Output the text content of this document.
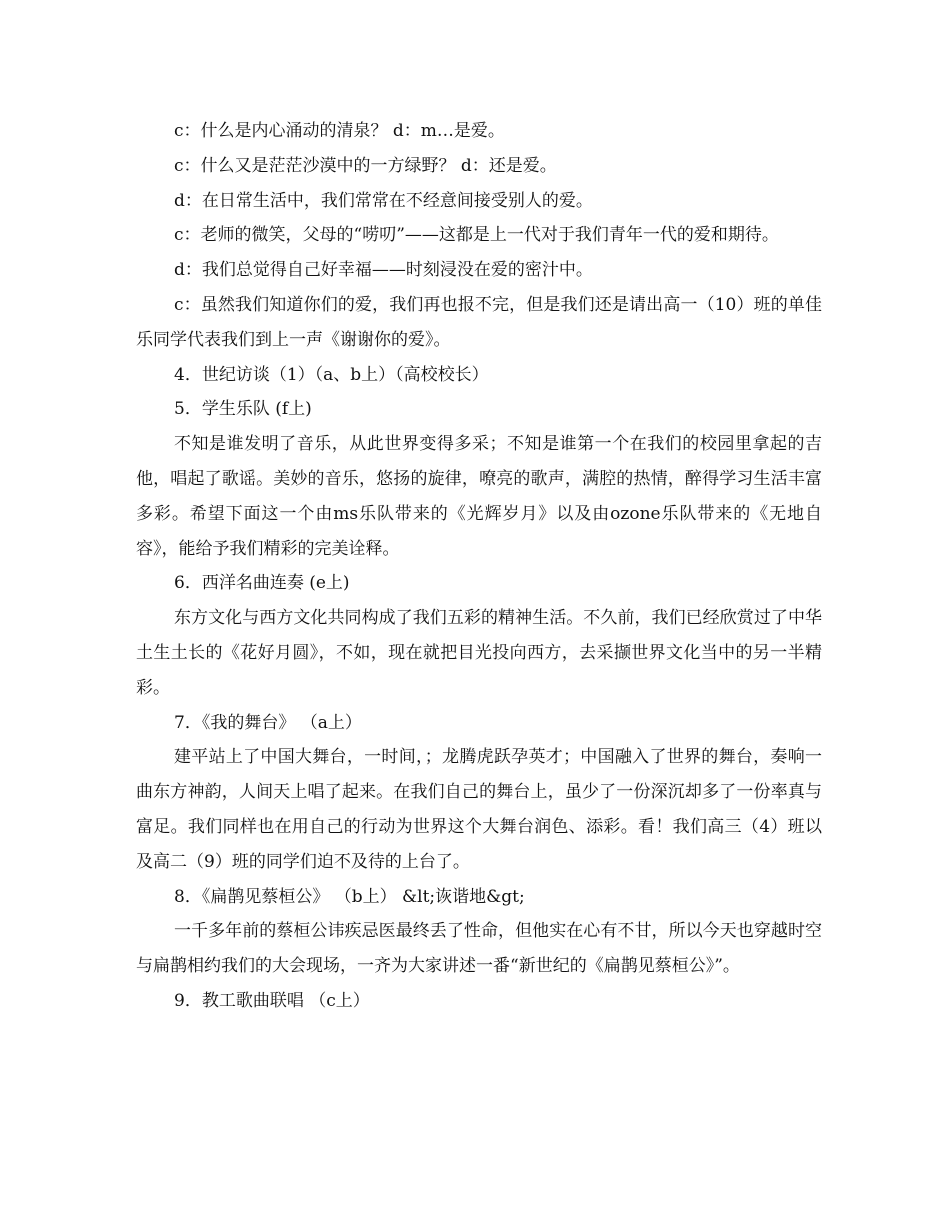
c：什么是内心涌动的清泉？ d：m…是爱。

c：什么又是茫茫沙漠中的一方绿野？ d：还是爱。

d：在日常生活中，我们常常在不经意间接受别人的爱。

c：老师的微笑，父母的“唠叨”——这都是上一代对于我们青年一代的爱和期待。

d：我们总觉得自己好幸福——时刻浸没在爱的密汁中。

c：虽然我们知道你们的爱，我们再也报不完，但是我们还是请出高一（10）班的单佳乐同学代表我们到上一声《谢谢你的爱》。

4．世纪访谈（1）（a、b上）（高校校长）

5．学生乐队 (f上)

不知是谁发明了音乐，从此世界变得多采；不知是谁第一个在我们的校园里拿起的吉他，唱起了歌谣。美妙的音乐，悠扬的旋律，嘹亮的歌声，满腔的热情，醉得学习生活丰富多彩。希望下面这一个由ms乐队带来的《光辉岁月》以及由ozone乐队带来的《无地自容》，能给予我们精彩的完美诠释。

6．西洋名曲连奏 (e上)

东方文化与西方文化共同构成了我们五彩的精神生活。不久前，我们已经欣赏过了中华土生土长的《花好月圆》，不如，现在就把目光投向西方，去采撷世界文化当中的另一半精彩。

7．《我的舞台》 （a上）

建平站上了中国大舞台，一时间，；龙腾虎跃孕英才；中国融入了世界的舞台，奏响一曲东方神韵，人间天上唱了起来。在我们自己的舞台上，虽少了一份深沉却多了一份率真与富足。我们同样也在用自己的行动为世界这个大舞台润色、添彩。看！我们高三（4）班以及高二（9）班的同学们迫不及待的上台了。

8．《扁鹊见蔡桓公》 （b上） &lt;诙谐地&gt;

一千多年前的蔡桓公讳疾忌医最终丢了性命，但他实在心有不甘，所以今天也穿越时空与扁鹊相约我们的大会现场，一齐为大家讲述一番“新世纪的《扁鹊见蔡桓公》”。

9．教工歌曲联唱 （c上）
